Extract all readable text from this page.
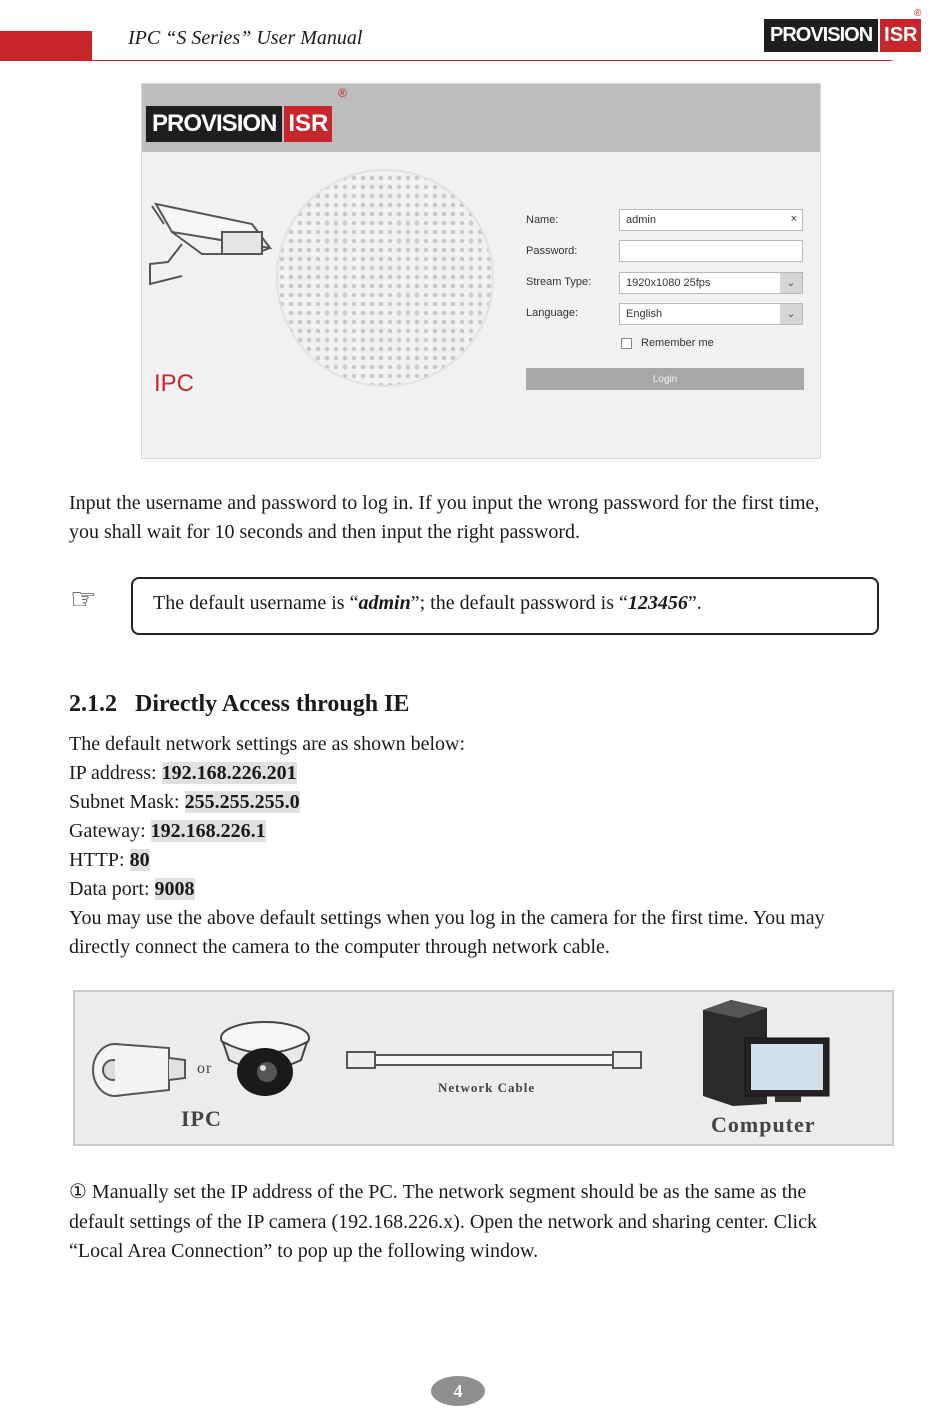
IPC “S Series” User Manual	PROVISION ISR
®
PROVISION ISR
®
IPC
Name:	admin	×
Password:
Stream Type:	1920x1080 25fps	⌄
Language:	English	⌄
Remember me
Login
Input the username and password to log in. If you input the wrong password for the first time,
you shall wait for 10 seconds and then input the right password.
☞	The default username is “admin”; the default password is “123456”.
2.1.2 Directly Access through IE
The default network settings are as shown below:
IP address: 192.168.226.201
Subnet Mask: 255.255.255.0
Gateway: 192.168.226.1
HTTP: 80
Data port: 9008
You may use the above default settings when you log in the camera for the first time. You may
directly connect the camera to the computer through network cable.
or
IPC
Network Cable
Computer
① Manually set the IP address of the PC. The network segment should be as the same as the
default settings of the IP camera (192.168.226.x). Open the network and sharing center. Click
“Local Area Connection” to pop up the following window.
4
